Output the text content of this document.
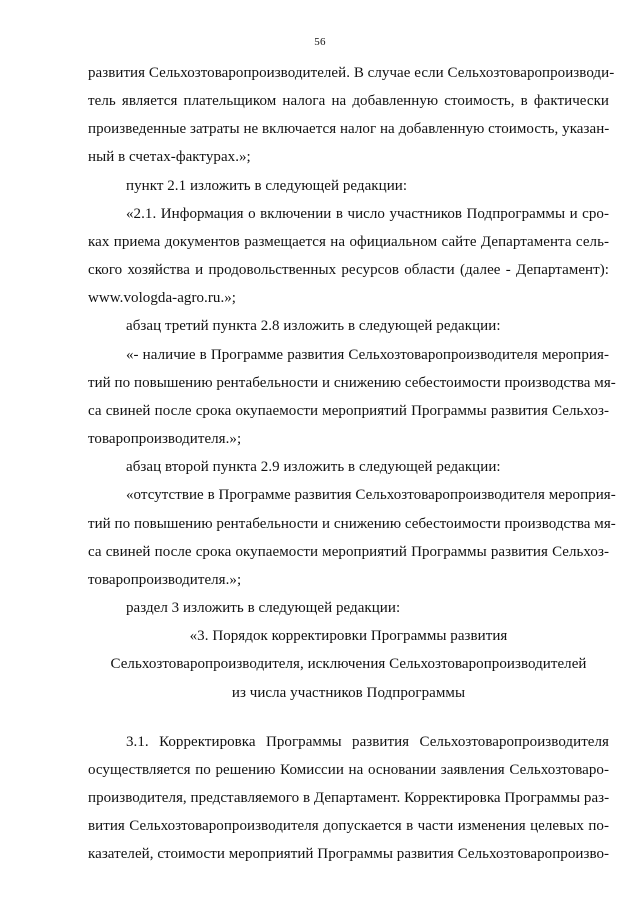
56
развития Сельхозтоваропроизводителей. В случае если Сельхозтоваропроизводи-
тель является плательщиком налога на добавленную стоимость, в фактически
произведенные затраты не включается налог на добавленную стоимость, указан-
ный в счетах-фактурах.»;
пункт 2.1 изложить в следующей редакции:
«2.1. Информация о включении в число участников Подпрограммы и сро-
ках приема документов размещается на официальном сайте Департамента сель-
ского хозяйства и продовольственных ресурсов области (далее - Департамент):
www.vologda-agro.ru.»;
абзац третий пункта 2.8 изложить в следующей редакции:
«- наличие в Программе развития Сельхозтоваропроизводителя мероприя-
тий по повышению рентабельности и снижению себестоимости производства мя-
са свиней после срока окупаемости мероприятий Программы развития Сельхоз-
товаропроизводителя.»;
абзац второй пункта 2.9 изложить в следующей редакции:
«отсутствие в Программе развития Сельхозтоваропроизводителя мероприя-
тий по повышению рентабельности и снижению себестоимости производства мя-
са свиней после срока окупаемости мероприятий Программы развития Сельхоз-
товаропроизводителя.»;
раздел 3 изложить в следующей редакции:
«3. Порядок корректировки Программы развития
Сельхозтоваропроизводителя, исключения Сельхозтоваропроизводителей
из числа участников Подпрограммы
3.1. Корректировка Программы развития Сельхозтоваропроизводителя
осуществляется по решению Комиссии на основании заявления Сельхозтоваро-
производителя, представляемого в Департамент. Корректировка Программы раз-
вития Сельхозтоваропроизводителя допускается в части изменения целевых по-
казателей, стоимости мероприятий Программы развития Сельхозтоваропроизво-
